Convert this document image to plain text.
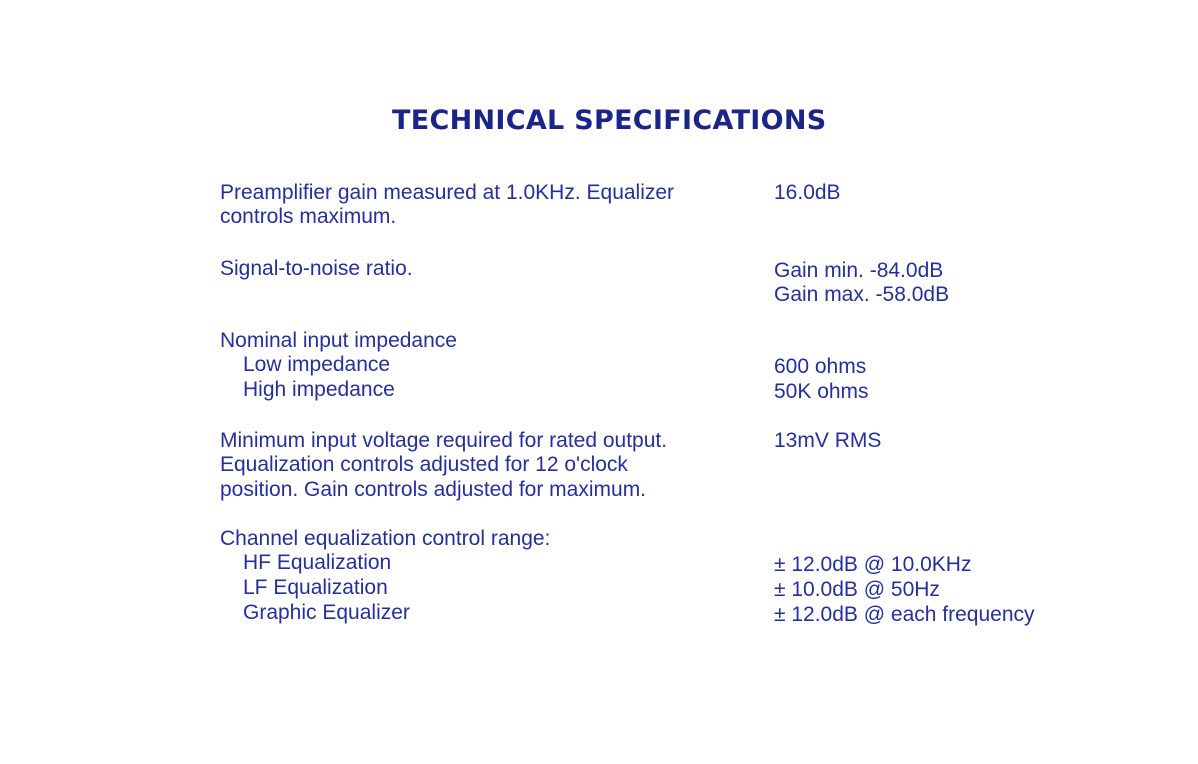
TECHNICAL SPECIFICATIONS
Preamplifier gain measured at 1.0KHz. Equalizer
controls maximum.
16.0dB
Signal-to-noise ratio.	Gain min. -84.0dB
Gain max. -58.0dB
Nominal input impedance
Low impedance
High impedance
600 ohms
50K ohms
Minimum input voltage required for rated output.
Equalization controls adjusted for 12 o'clock
position. Gain controls adjusted for maximum.
13mV RMS
Channel equalization control range:
HF Equalization
LF Equalization
Graphic Equalizer
± 12.0dB @ 10.0KHz
± 10.0dB @ 50Hz
± 12.0dB @ each frequency
